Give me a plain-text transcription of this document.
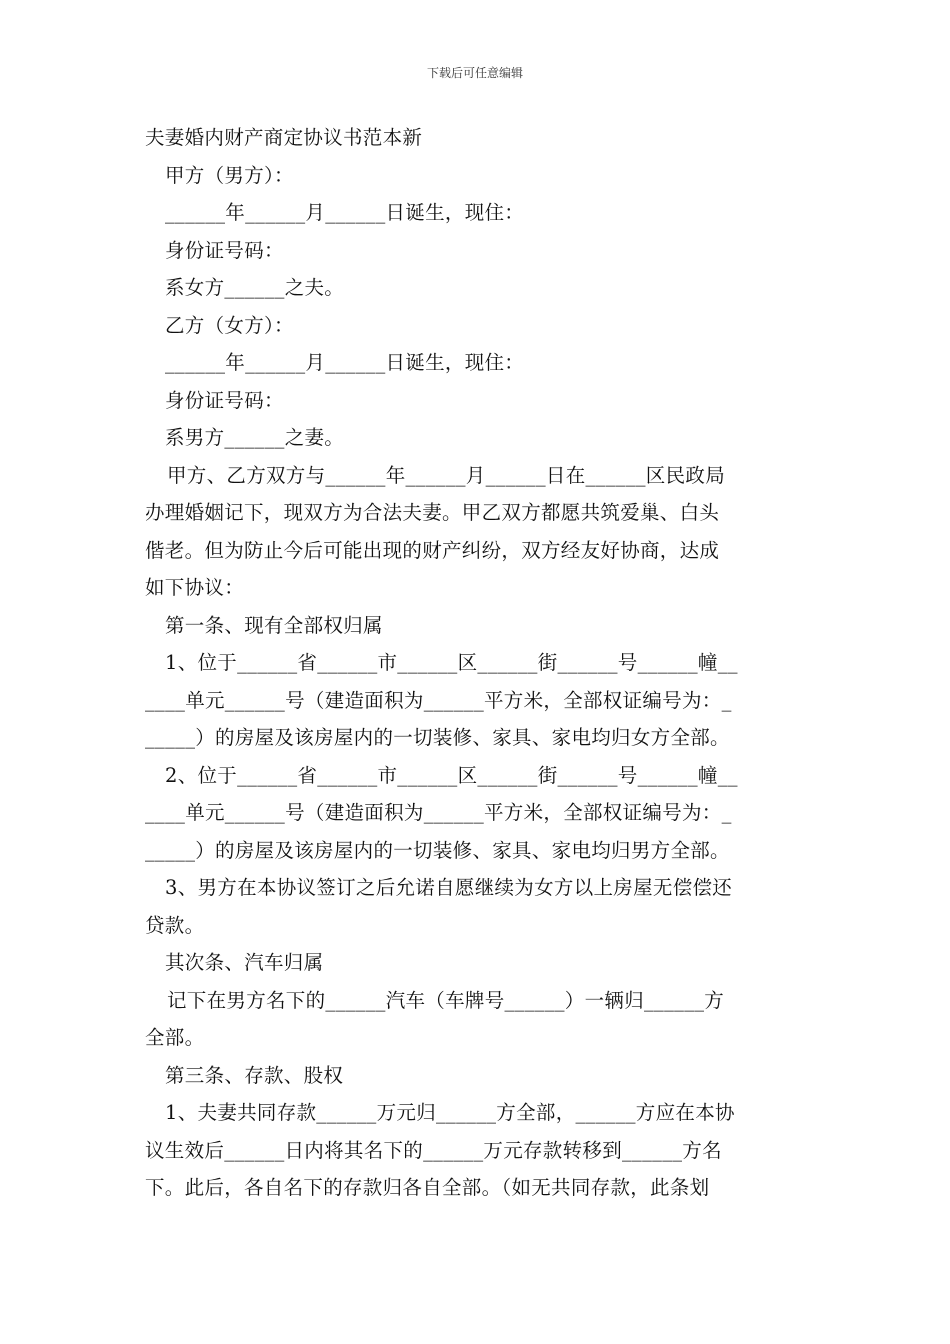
下载后可任意编辑
夫妻婚内财产商定协议书范本新
甲方（男方）：
______年______月______日诞生，现住：
身份证号码：
系女方______之夫。
乙方（女方）：
______年______月______日诞生，现住：
身份证号码：
系男方______之妻。
甲方、乙方双方与______年______月______日在______区民政局
办理婚姻记下，现双方为合法夫妻。甲乙双方都愿共筑爱巢、白头
偕老。但为防止今后可能出现的财产纠纷，双方经友好协商，达成
如下协议：
第一条、现有全部权归属
1、位于______省______市______区______街______号______幢__
____单元______号（建造面积为______平方米，全部权证编号为：_
_____）的房屋及该房屋内的一切装修、家具、家电均归女方全部。
2、位于______省______市______区______街______号______幢__
____单元______号（建造面积为______平方米，全部权证编号为：_
_____）的房屋及该房屋内的一切装修、家具、家电均归男方全部。
3、男方在本协议签订之后允诺自愿继续为女方以上房屋无偿偿还
贷款。
其次条、汽车归属
记下在男方名下的______汽车（车牌号______）一辆归______方
全部。
第三条、存款、股权
1、夫妻共同存款______万元归______方全部，______方应在本协
议生效后______日内将其名下的______万元存款转移到______方名
下。此后，各自名下的存款归各自全部。（如无共同存款，此条划
